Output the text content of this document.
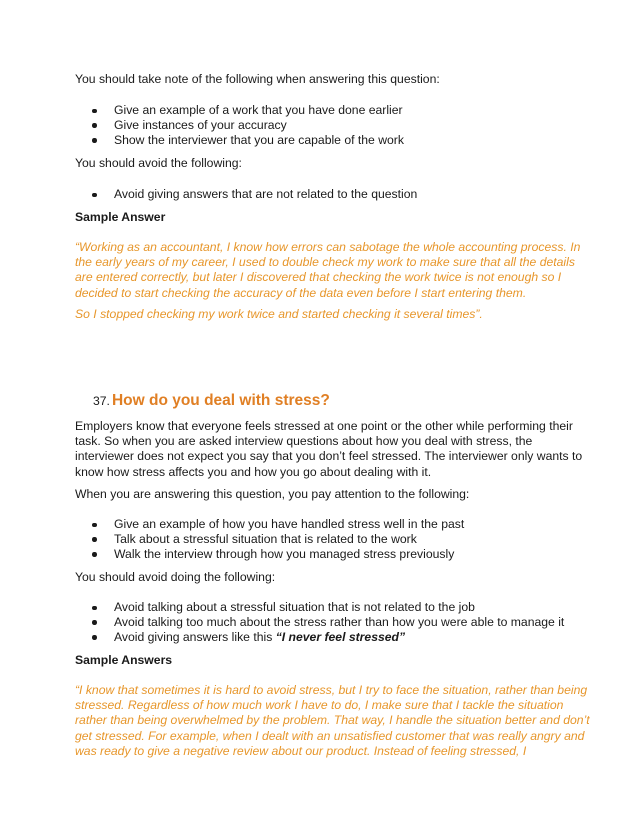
You should take note of the following when answering this question:

Give an example of a work that you have done earlier
Give instances of your accuracy
Show the interviewer that you are capable of the work

You should avoid the following:

Avoid giving answers that are not related to the question

Sample Answer

“Working as an accountant, I know how errors can sabotage the whole accounting process. In
the early years of my career, I used to double check my work to make sure that all the details
are entered correctly, but later I discovered that checking the work twice is not enough so I
decided to start checking the accuracy of the data even before I start entering them.

So I stopped checking my work twice and started checking it several times”.

37. How do you deal with stress?
Employers know that everyone feels stressed at one point or the other while performing their
task. So when you are asked interview questions about how you deal with stress, the
interviewer does not expect you say that you don’t feel stressed. The interviewer only wants to
know how stress affects you and how you go about dealing with it.

When you are answering this question, you pay attention to the following:

Give an example of how you have handled stress well in the past
Talk about a stressful situation that is related to the work
Walk the interview through how you managed stress previously

You should avoid doing the following:

Avoid talking about a stressful situation that is not related to the job
Avoid talking too much about the stress rather than how you were able to manage it
Avoid giving answers like this “I never feel stressed”

Sample Answers

“I know that sometimes it is hard to avoid stress, but I try to face the situation, rather than being
stressed. Regardless of how much work I have to do, I make sure that I tackle the situation
rather than being overwhelmed by the problem. That way, I handle the situation better and don’t
get stressed. For example, when I dealt with an unsatisfied customer that was really angry and
was ready to give a negative review about our product. Instead of feeling stressed, I
